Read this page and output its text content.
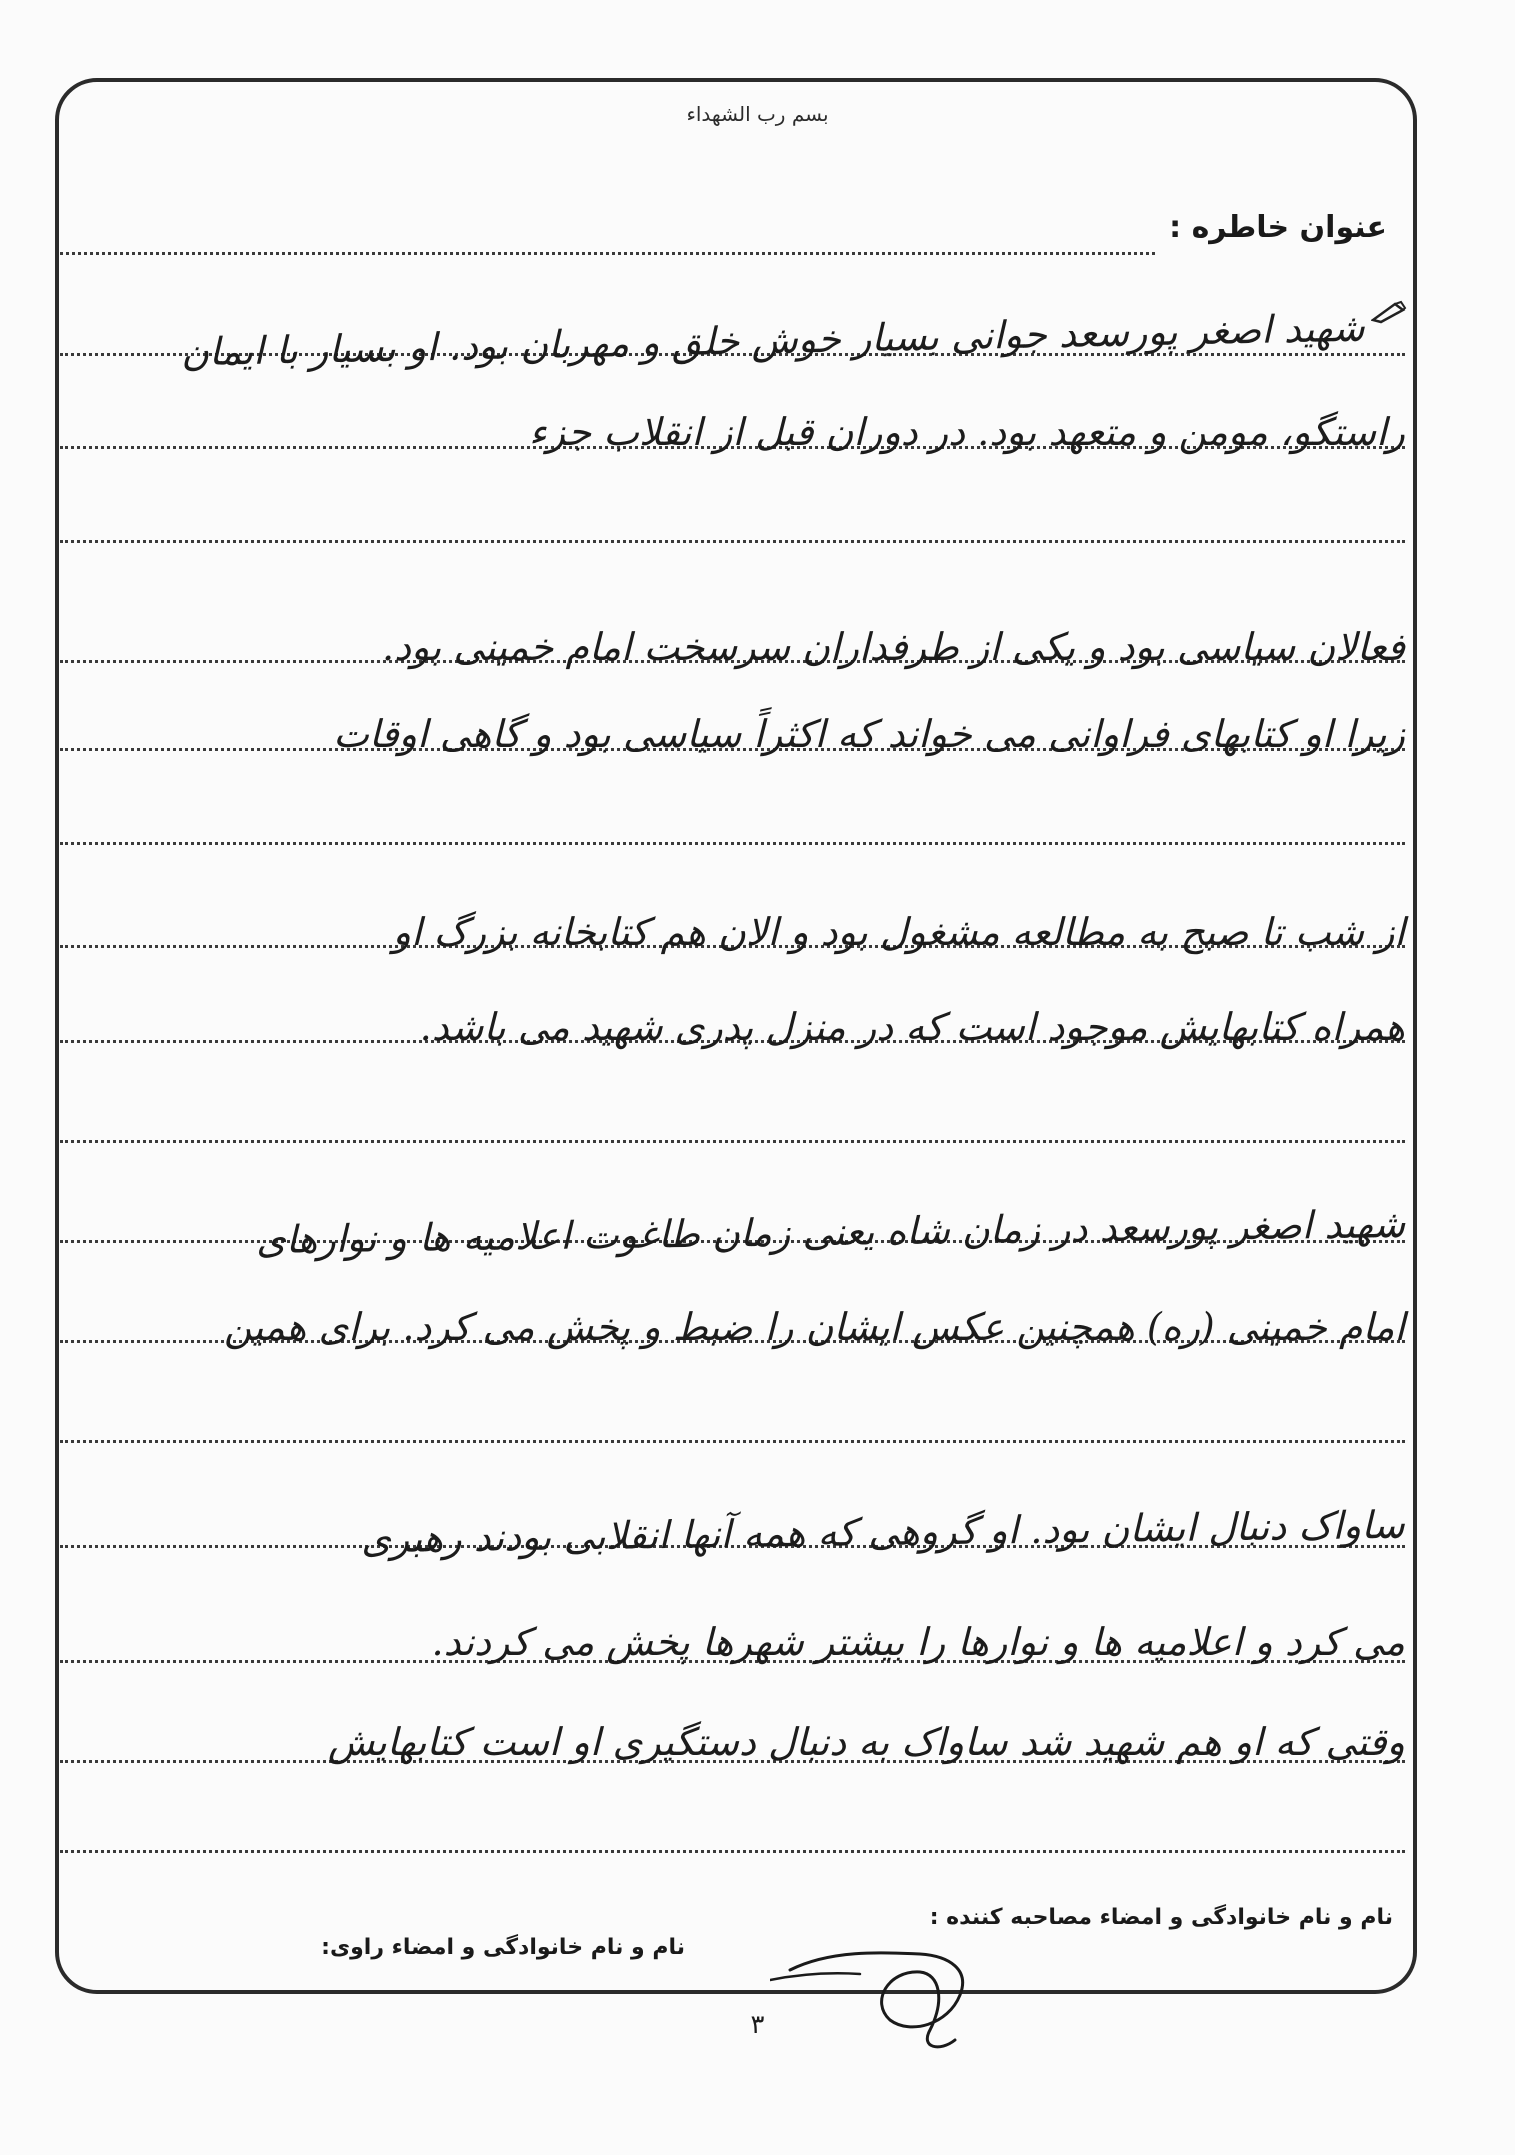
بسم رب الشهداء
عنوان خاطره :
شهید اصغر پورسعد جوانی بسیار خوش خلق و مهربان بود. او بسیار با ایمان
راستگو، مومن و متعهد بود. در دوران قبل از انقلاب جزء
فعالان سیاسی بود و یکی از طرفداران سرسخت امام خمینی بود.
زیرا او کتابهای فراوانی می خواند که اکثراً سیاسی بود و گاهی اوقات
از شب تا صبح به مطالعه مشغول بود و الان هم کتابخانه بزرگ او
همراه کتابهایش موجود است که در منزل پدری شهید می باشد.
شهید اصغر پورسعد در زمان شاه یعنی زمان طاغوت اعلامیه ها و نوارهای
امام خمینی (ره) همچنین عکس ایشان را ضبط و پخش می کرد. برای همین
ساواک دنبال ایشان بود. او گروهی که همه آنها انقلابی بودند رهبری
می کرد و اعلامیه ها و نوارها را بیشتر شهرها پخش می کردند.
وقتی که او هم شهید شد ساواک به دنبال دستگیری او است کتابهایش
نام و نام خانوادگی و امضاء مصاحبه کننده :
نام و نام خانوادگی و امضاء راوی:
۳
